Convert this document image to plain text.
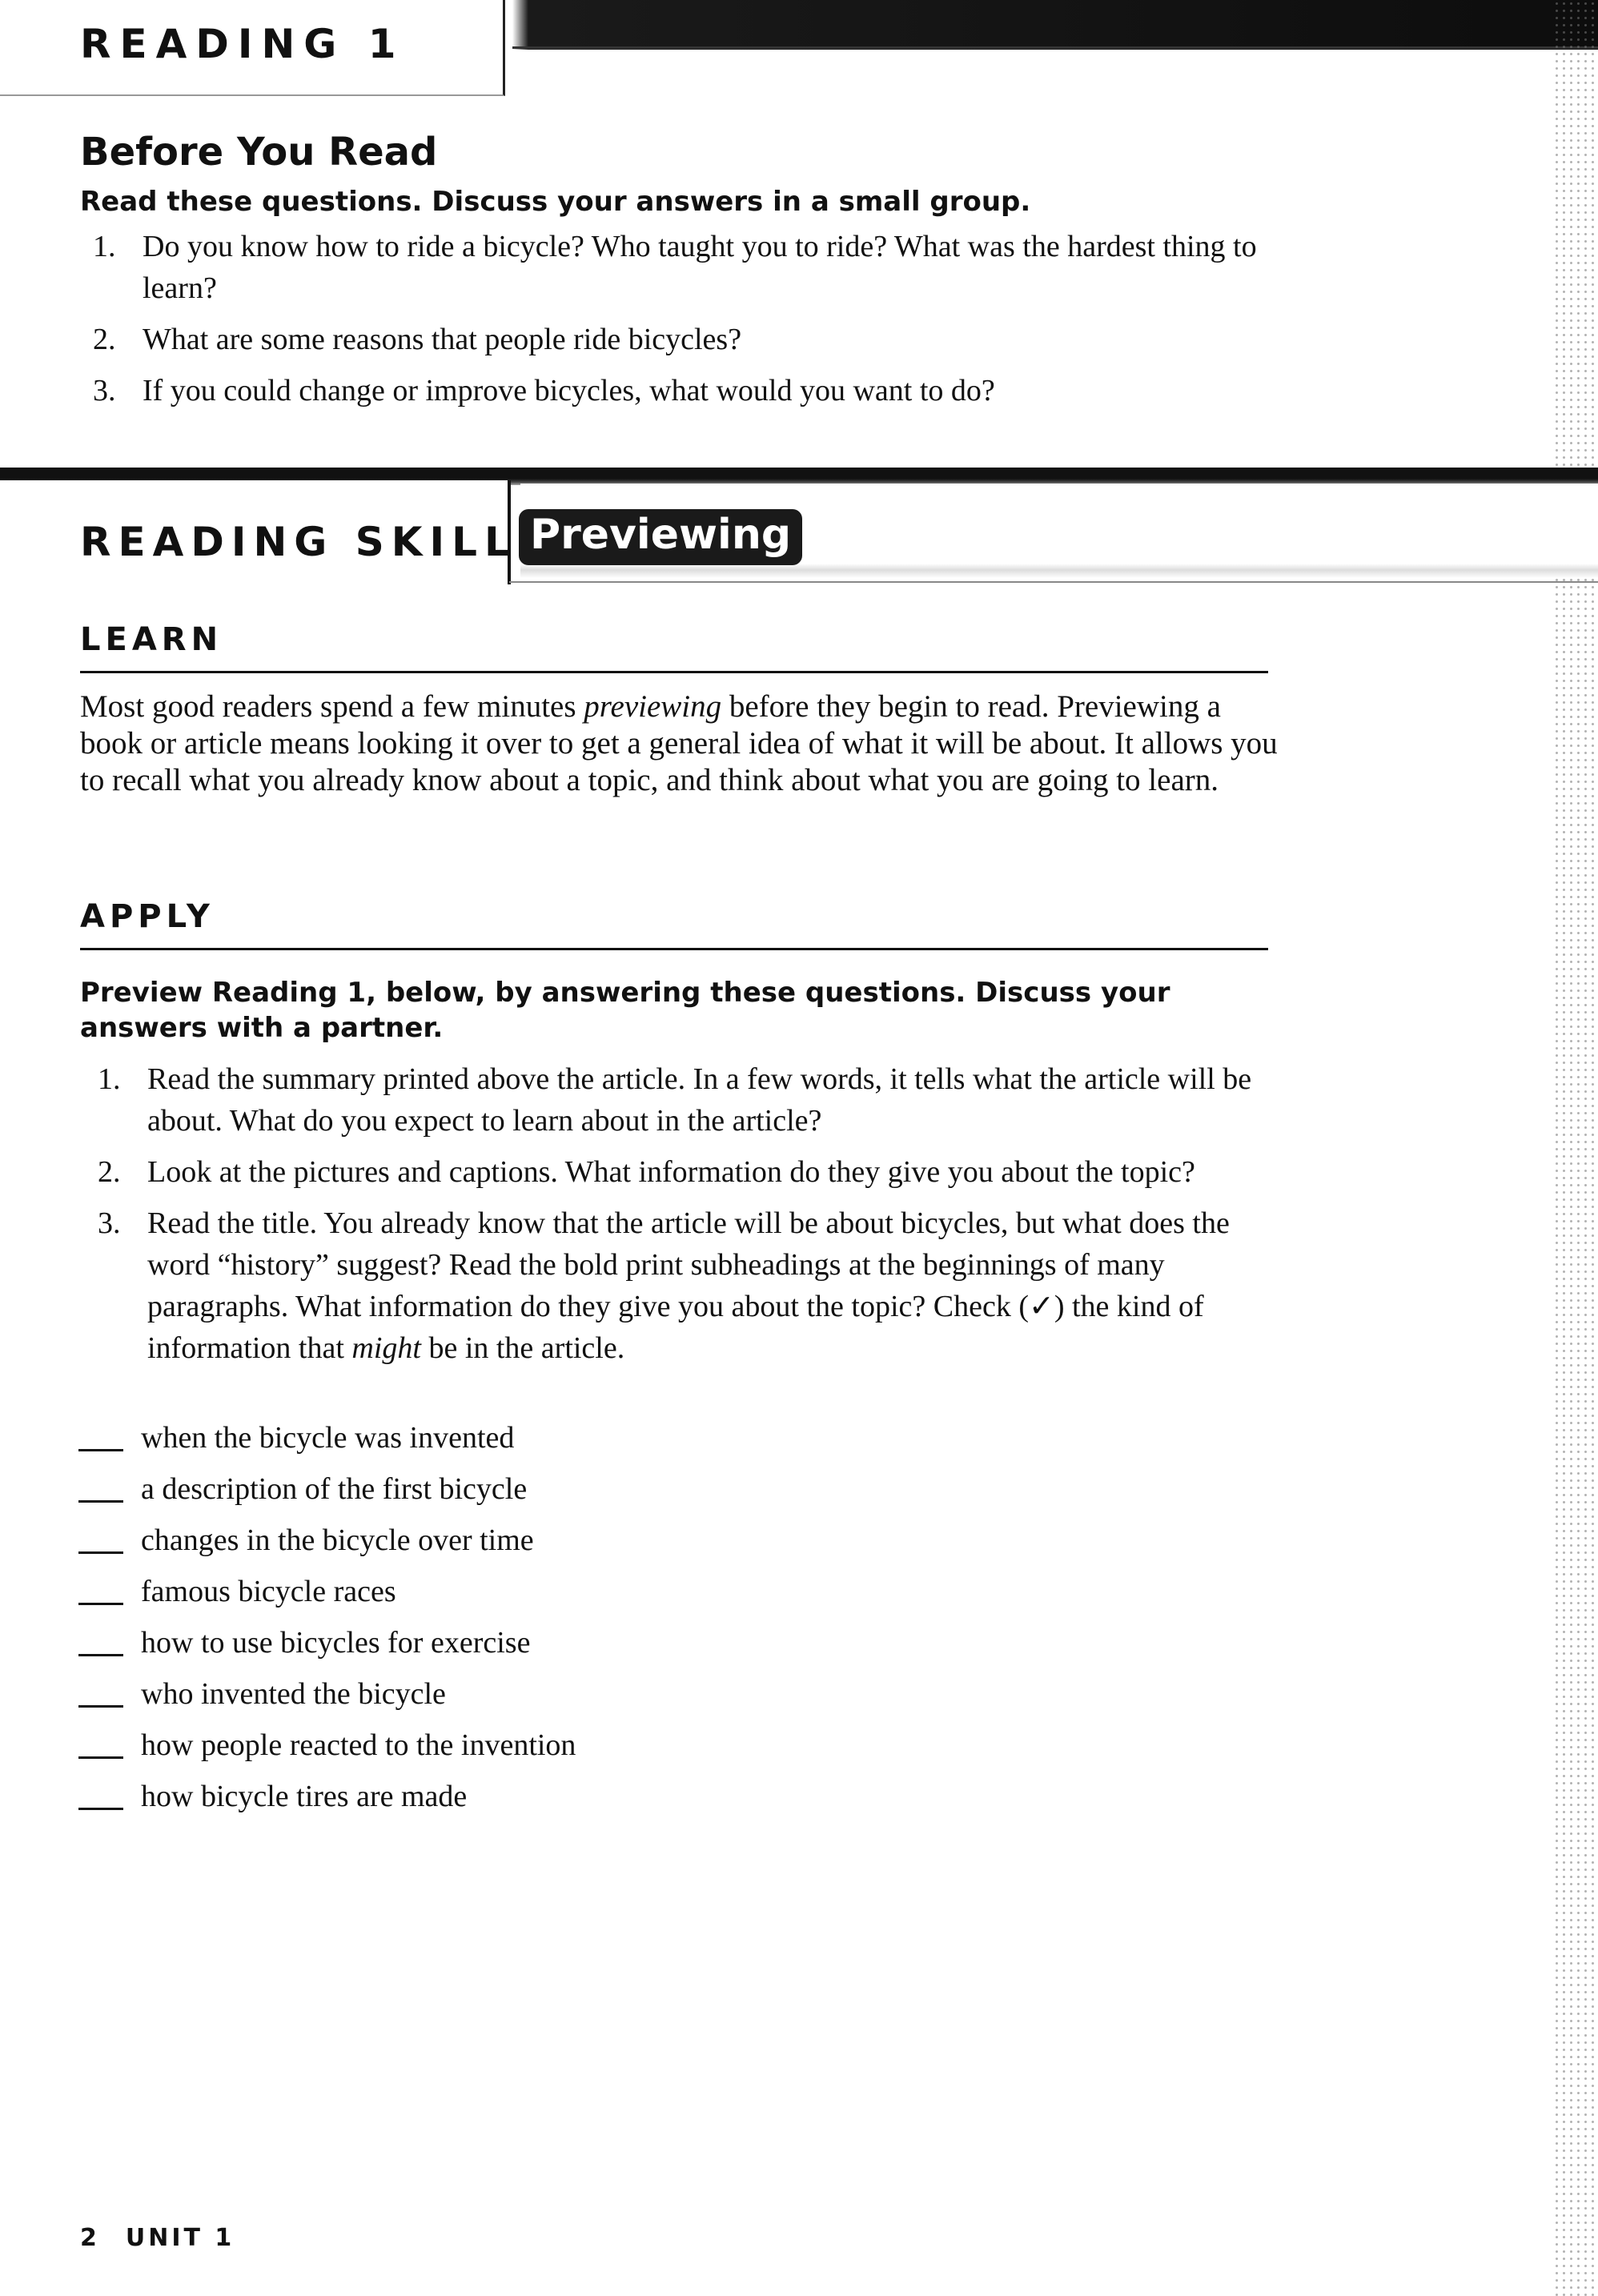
READING 1
Before You Read
Read these questions. Discuss your answers in a small group.
1. Do you know how to ride a bicycle? Who taught you to ride? What was the hardest thing to learn?
2. What are some reasons that people ride bicycles?
3. If you could change or improve bicycles, what would you want to do?
READING SKILL Previewing
LEARN

Most good readers spend a few minutes previewing before they begin to read. Previewing a book or article means looking it over to get a general idea of what it will be about. It allows you to recall what you already know about a topic, and think about what you are going to learn.

APPLY
Preview Reading 1, below, by answering these questions. Discuss your answers with a partner.
1. Read the summary printed above the article. In a few words, it tells what the article will be about. What do you expect to learn about in the article?
2. Look at the pictures and captions. What information do they give you about the topic?
3. Read the title. You already know that the article will be about bicycles, but what does the word “history” suggest? Read the bold print subheadings at the beginnings of many paragraphs. What information do they give you about the topic? Check (✓) the kind of information that might be in the article.
when the bicycle was invented
a description of the first bicycle
changes in the bicycle over time
famous bicycle races
how to use bicycles for exercise
who invented the bicycle
how people reacted to the invention
how bicycle tires are made
2 UNIT 1
